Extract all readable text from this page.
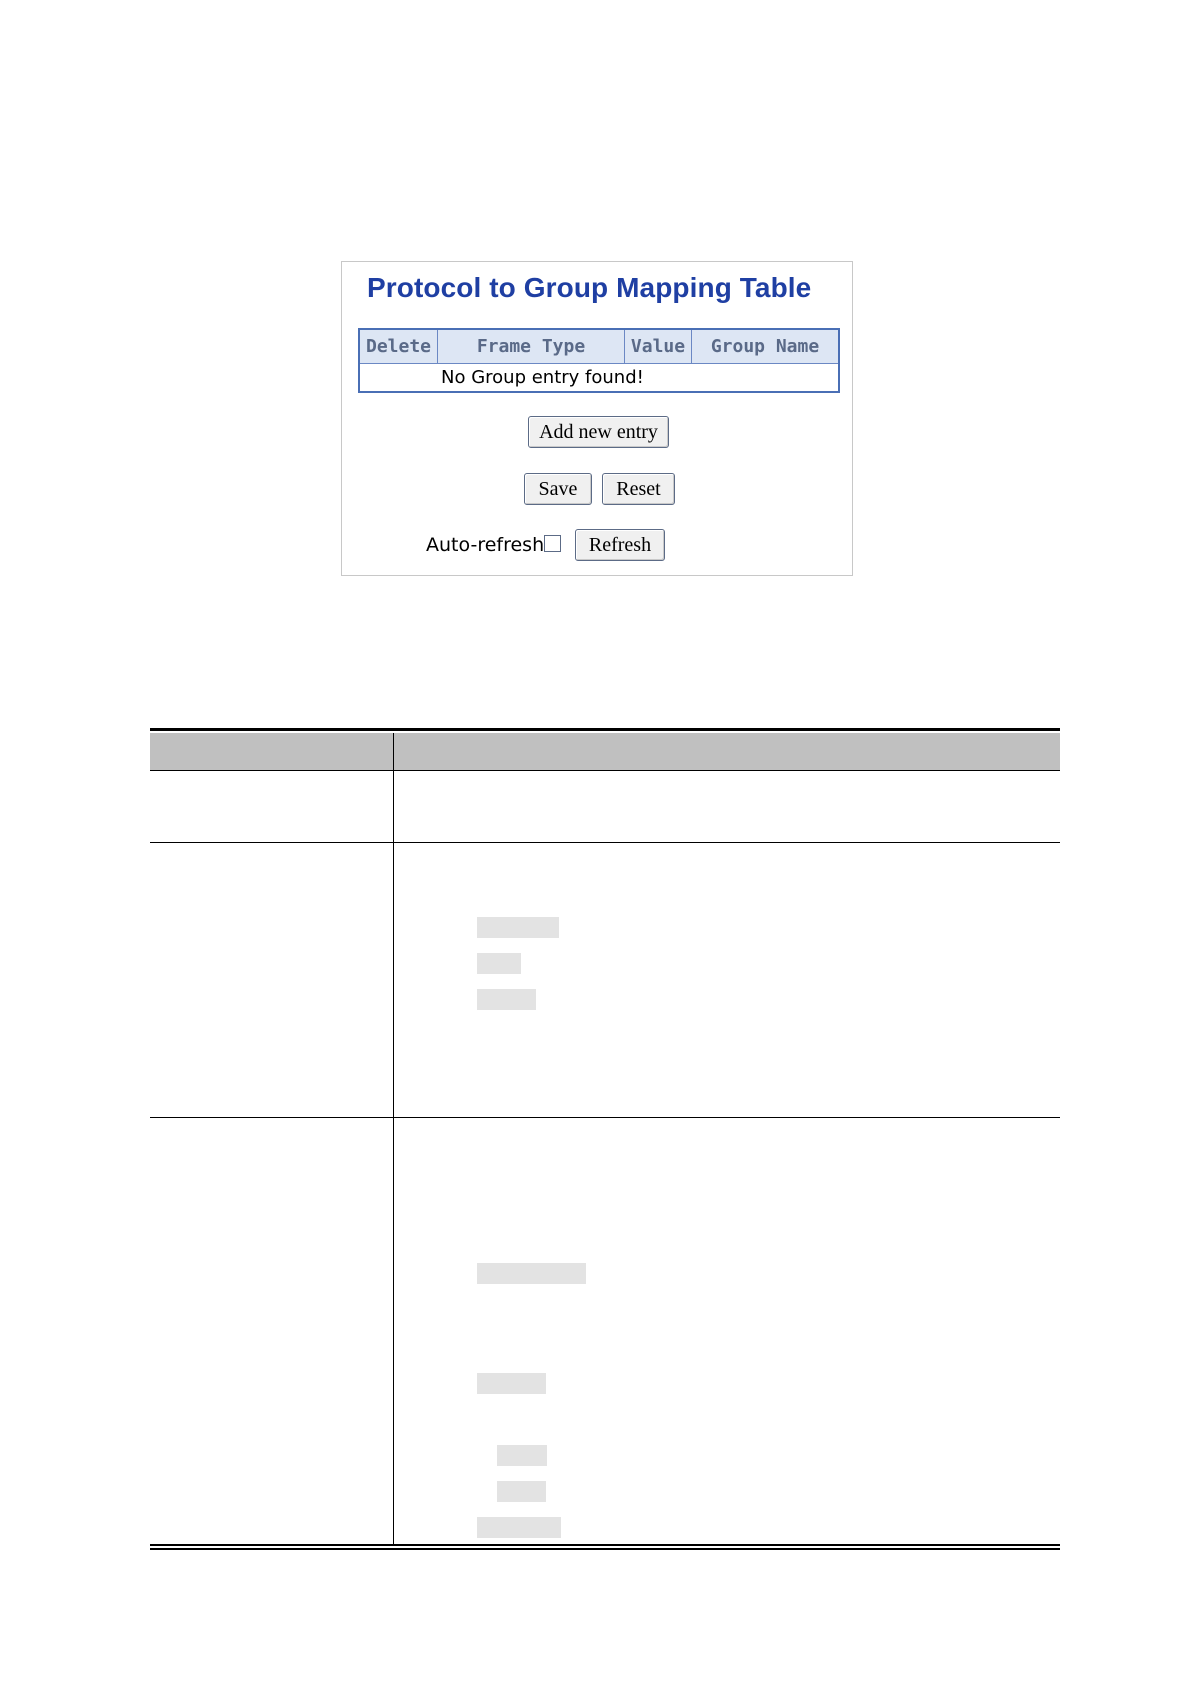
Protocol to Group Mapping Table
Delete	Frame Type	Value	Group Name
No Group entry found!
Add new entry
Save	Reset
Auto-refresh	Refresh
